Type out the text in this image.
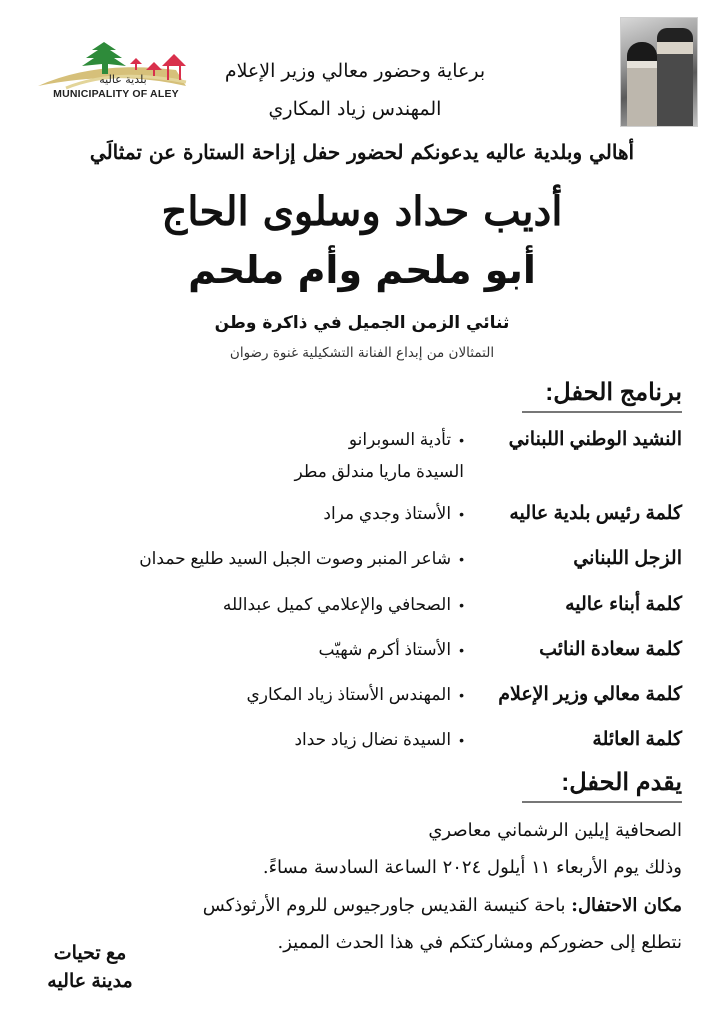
بلدية عاليه
MUNICIPALITY OF ALEY
برعاية وحضور معالي وزير الإعلام
المهندس زياد المكاري
أهالي وبلدية عاليه يدعونكم لحضور حفل إزاحة الستارة عن تمثالَي
أديب حداد وسلوى الحاج
أبو ملحم وأم ملحم
ثنائي الزمن الجميل في ذاكرة وطن
التمثالان من إبداع الفنانة التشكيلية غنوة رضوان
برنامج الحفل:
النشيد الوطني اللبناني
•تأدية السوبرانو
السيدة ماريا مندلق مطر
كلمة رئيس بلدية عاليه
•الأستاذ وجدي مراد
الزجل اللبناني
•شاعر المنبر وصوت الجبل السيد طليع حمدان
كلمة أبناء عاليه
•الصحافي والإعلامي كميل عبدالله
كلمة سعادة النائب
•الأستاذ أكرم شهيّب
كلمة معالي وزير الإعلام
•المهندس الأستاذ زياد المكاري
كلمة العائلة
•السيدة نضال زياد حداد
يقدم الحفل:
الصحافية إيلين الرشماني معاصري
وذلك يوم الأربعاء ١١ أيلول ٢٠٢٤ الساعة السادسة مساءً.
مكان الاحتفال: باحة كنيسة القديس جاورجيوس للروم الأرثوذكس
نتطلع إلى حضوركم ومشاركتكم في هذا الحدث المميز.
مع تحيات
مدينة عاليه
